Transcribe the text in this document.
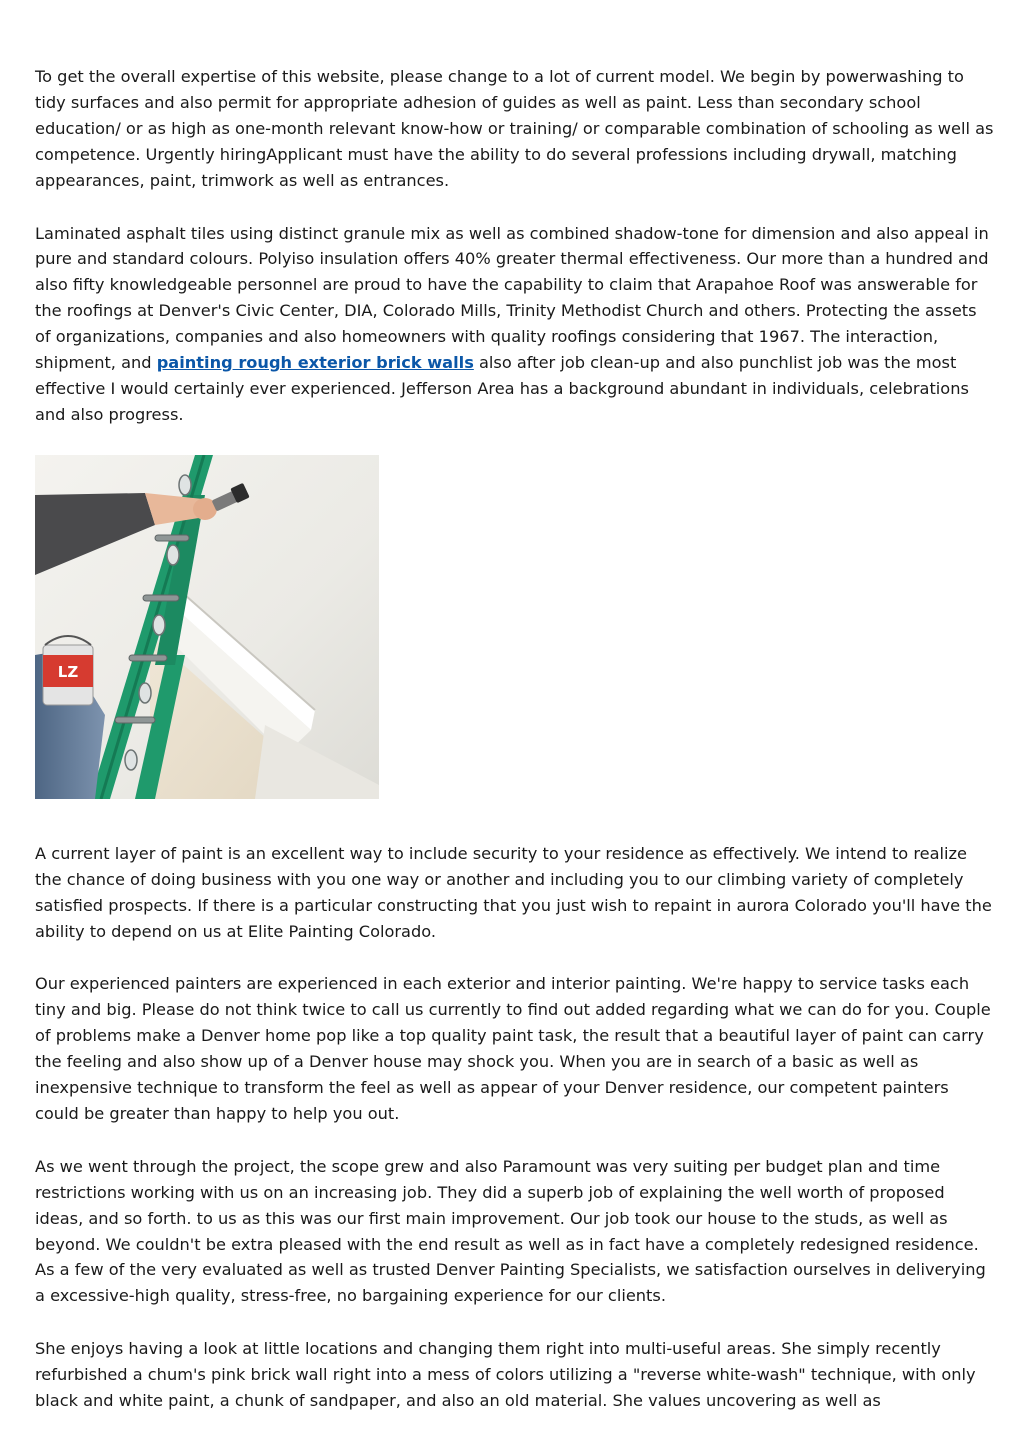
To get the overall expertise of this website, please change to a lot of current model. We begin by powerwashing to tidy surfaces and also permit for appropriate adhesion of guides as well as paint. Less than secondary school education/ or as high as one-month relevant know-how or training/ or comparable combination of schooling as well as competence. Urgently hiringApplicant must have the ability to do several professions including drywall, matching appearances, paint, trimwork as well as entrances.

Laminated asphalt tiles using distinct granule mix as well as combined shadow-tone for dimension and also appeal in pure and standard colours. Polyiso insulation offers 40% greater thermal effectiveness. Our more than a hundred and also fifty knowledgeable personnel are proud to have the capability to claim that Arapahoe Roof was answerable for the roofings at Denver's Civic Center, DIA, Colorado Mills, Trinity Methodist Church and others. Protecting the assets of organizations, companies and also homeowners with quality roofings considering that 1967. The interaction, shipment, and painting rough exterior brick walls also after job clean-up and also punchlist job was the most effective I would certainly ever experienced. Jefferson Area has a background abundant in individuals, celebrations and also progress.

LZ

A current layer of paint is an excellent way to include security to your residence as effectively. We intend to realize the chance of doing business with you one way or another and including you to our climbing variety of completely satisfied prospects. If there is a particular constructing that you just wish to repaint in aurora Colorado you'll have the ability to depend on us at Elite Painting Colorado.

Our experienced painters are experienced in each exterior and interior painting. We're happy to service tasks each tiny and big. Please do not think twice to call us currently to find out added regarding what we can do for you. Couple of problems make a Denver home pop like a top quality paint task, the result that a beautiful layer of paint can carry the feeling and also show up of a Denver house may shock you. When you are in search of a basic as well as inexpensive technique to transform the feel as well as appear of your Denver residence, our competent painters could be greater than happy to help you out.

As we went through the project, the scope grew and also Paramount was very suiting per budget plan and time restrictions working with us on an increasing job. They did a superb job of explaining the well worth of proposed ideas, and so forth. to us as this was our first main improvement. Our job took our house to the studs, as well as beyond. We couldn't be extra pleased with the end result as well as in fact have a completely redesigned residence. As a few of the very evaluated as well as trusted Denver Painting Specialists, we satisfaction ourselves in deliverying a excessive-high quality, stress-free, no bargaining experience for our clients.

She enjoys having a look at little locations and changing them right into multi-useful areas. She simply recently refurbished a chum's pink brick wall right into a mess of colors utilizing a "reverse white-wash" technique, with only black and white paint, a chunk of sandpaper, and also an old material. She values uncovering as well as
